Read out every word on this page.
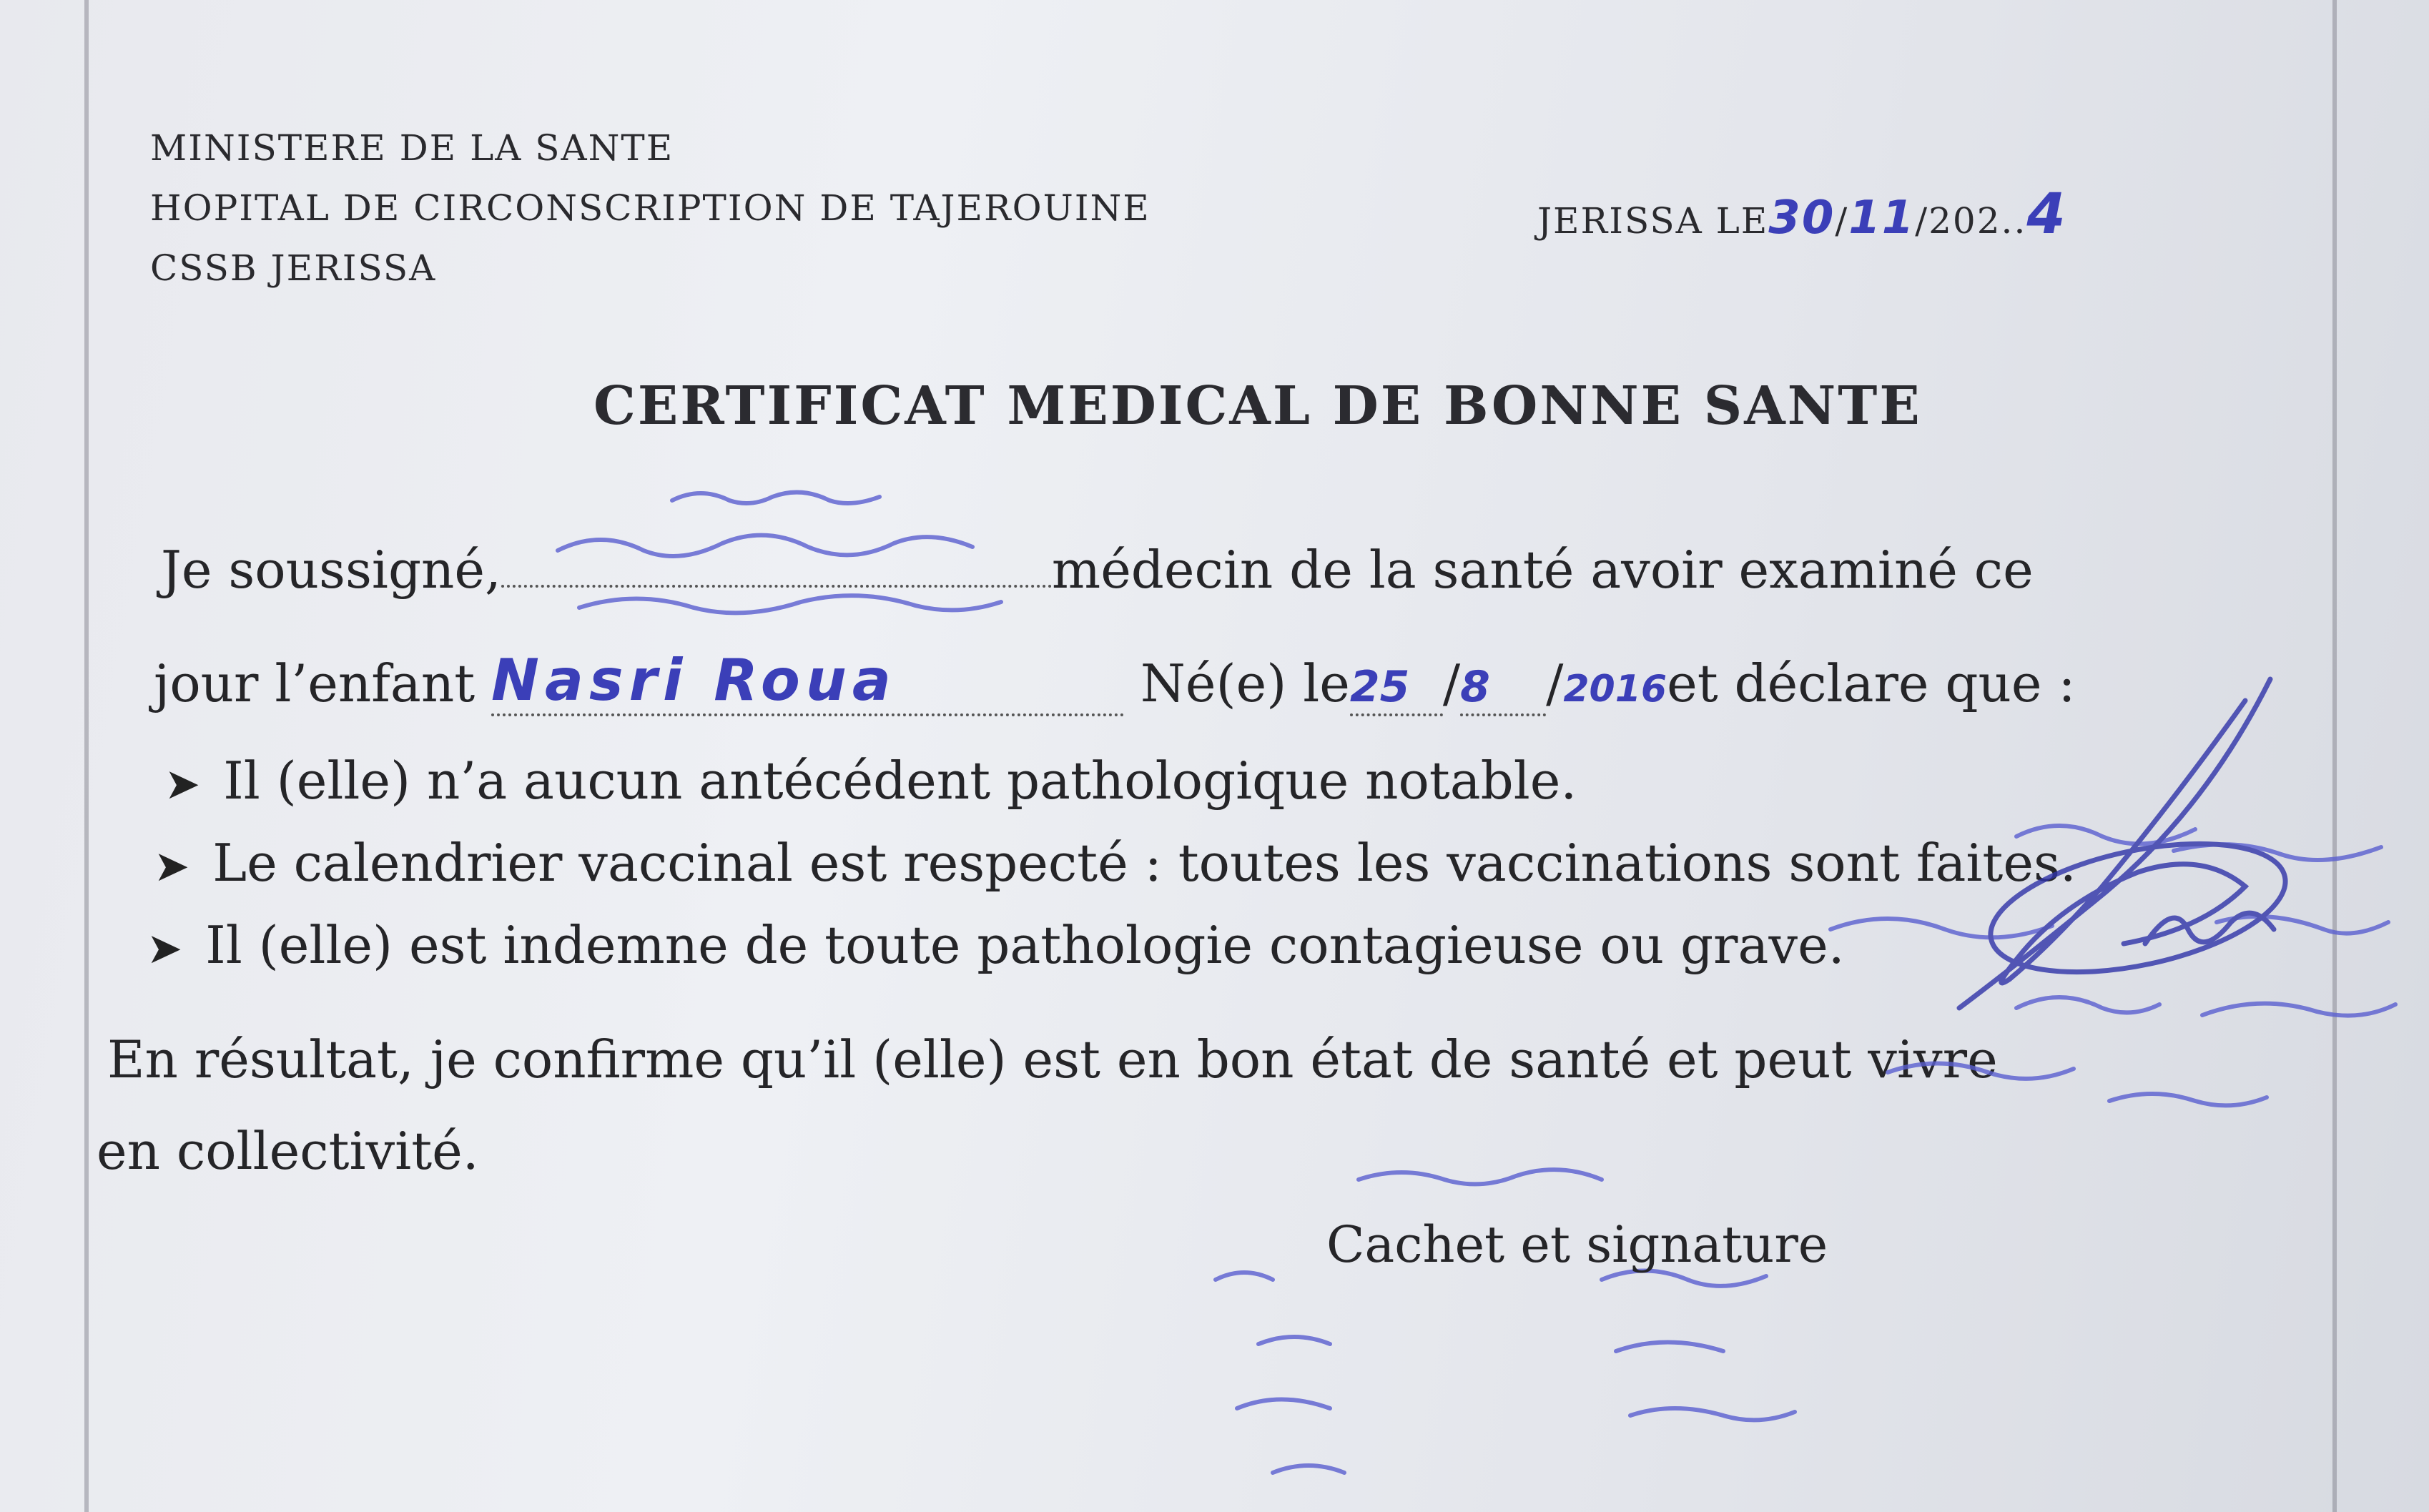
MINISTERE DE LA SANTE
HOPITAL DE CIRCONSCRIPTION DE TAJEROUINE
CSSB JERISSA
JERISSA LE30/11/202..4
CERTIFICAT MEDICAL DE BONNE SANTE
Je soussigné,	médecin de la santé avoir examiné ce
jour l’enfant Nasri Roua	Né(e) le25 /8 /2016et déclare que :
➤ Il (elle) n’a aucun antécédent pathologique notable.
➤ Le calendrier vaccinal est respecté : toutes les vaccinations sont faites.
➤ Il (elle) est indemne de toute pathologie contagieuse ou grave.
En résultat, je confirme qu’il (elle) est en bon état de santé et peut vivre
en collectivité.
Cachet et signature
